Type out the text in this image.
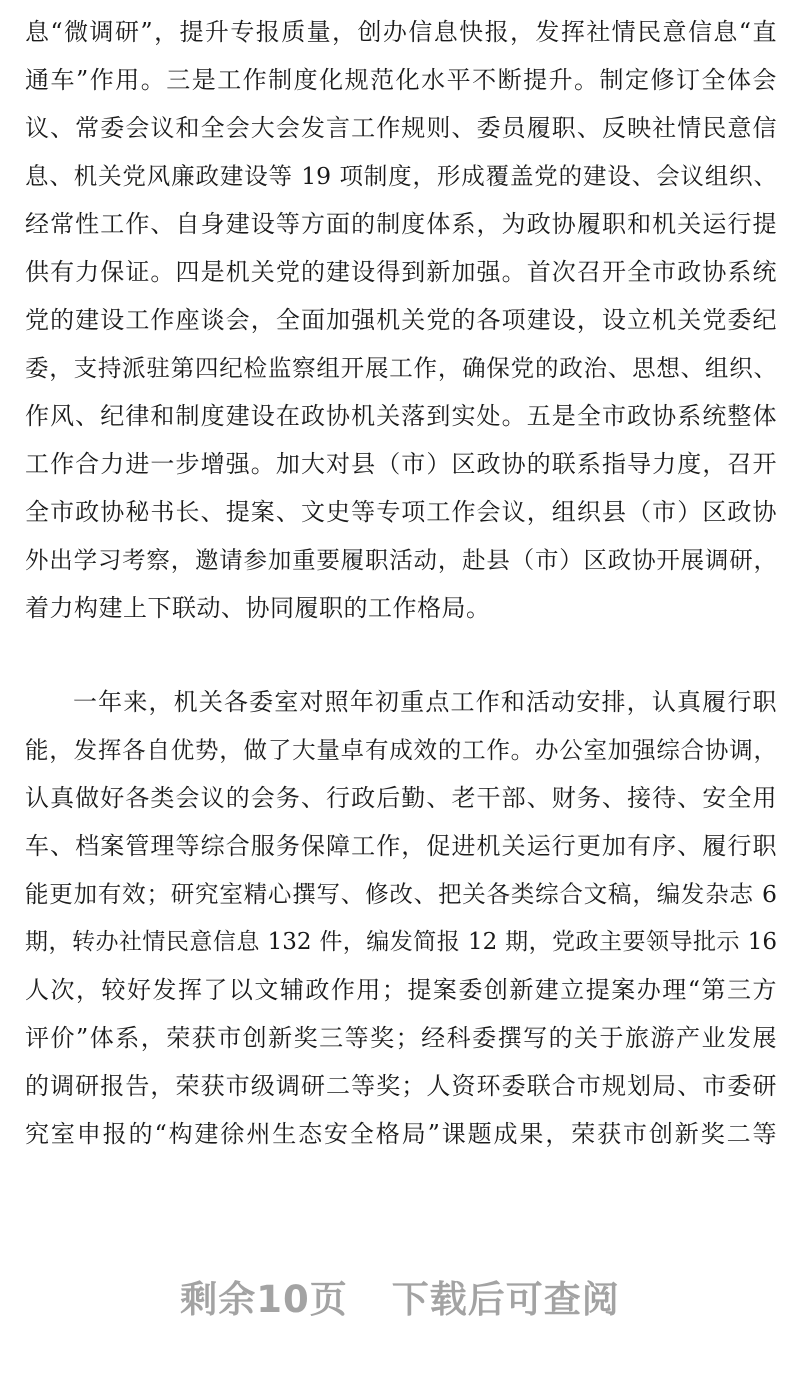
息“微调研”，提升专报质量，创办信息快报，发挥社情民意信息“直
通车”作用。三是工作制度化规范化水平不断提升。制定修订全体会
议、常委会议和全会大会发言工作规则、委员履职、反映社情民意信
息、机关党风廉政建设等 19 项制度，形成覆盖党的建设、会议组织、
经常性工作、自身建设等方面的制度体系，为政协履职和机关运行提
供有力保证。四是机关党的建设得到新加强。首次召开全市政协系统
党的建设工作座谈会，全面加强机关党的各项建设，设立机关党委纪
委，支持派驻第四纪检监察组开展工作，确保党的政治、思想、组织、
作风、纪律和制度建设在政协机关落到实处。五是全市政协系统整体
工作合力进一步增强。加大对县（市）区政协的联系指导力度，召开
全市政协秘书长、提案、文史等专项工作会议，组织县（市）区政协
外出学习考察，邀请参加重要履职活动，赴县（市）区政协开展调研，
着力构建上下联动、协同履职的工作格局。
一年来，机关各委室对照年初重点工作和活动安排，认真履行职
能，发挥各自优势，做了大量卓有成效的工作。办公室加强综合协调，
认真做好各类会议的会务、行政后勤、老干部、财务、接待、安全用
车、档案管理等综合服务保障工作，促进机关运行更加有序、履行职
能更加有效；研究室精心撰写、修改、把关各类综合文稿，编发杂志 6
期，转办社情民意信息 132 件，编发简报 12 期，党政主要领导批示 16
人次，较好发挥了以文辅政作用；提案委创新建立提案办理“第三方
评价”体系，荣获市创新奖三等奖；经科委撰写的关于旅游产业发展
的调研报告，荣获市级调研二等奖；人资环委联合市规划局、市委研
究室申报的“构建徐州生态安全格局”课题成果，荣获市创新奖二等
剩余10页 下载后可查阅
